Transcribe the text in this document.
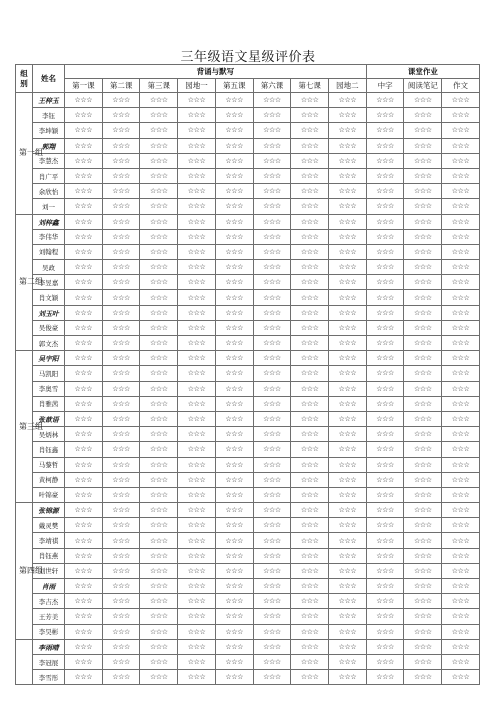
三年级语文星级评价表
组别	姓名	背诵与默写								课堂作业		
		第一课	第二课	第三课	园地一	第五课	第六课	第七课	园地二	中字	阅读笔记	作文

第一组	王梓玉	☆☆☆	☆☆☆	☆☆☆	☆☆☆	☆☆☆	☆☆☆	☆☆☆	☆☆☆	☆☆☆	☆☆☆	☆☆☆
	李钰	☆☆☆	☆☆☆	☆☆☆	☆☆☆	☆☆☆	☆☆☆	☆☆☆	☆☆☆	☆☆☆	☆☆☆	☆☆☆
	李坤颖	☆☆☆	☆☆☆	☆☆☆	☆☆☆	☆☆☆	☆☆☆	☆☆☆	☆☆☆	☆☆☆	☆☆☆	☆☆☆
	郭翔	☆☆☆	☆☆☆	☆☆☆	☆☆☆	☆☆☆	☆☆☆	☆☆☆	☆☆☆	☆☆☆	☆☆☆	☆☆☆
	李慧杰	☆☆☆	☆☆☆	☆☆☆	☆☆☆	☆☆☆	☆☆☆	☆☆☆	☆☆☆	☆☆☆	☆☆☆	☆☆☆
	肖广平	☆☆☆	☆☆☆	☆☆☆	☆☆☆	☆☆☆	☆☆☆	☆☆☆	☆☆☆	☆☆☆	☆☆☆	☆☆☆
	余欣怡	☆☆☆	☆☆☆	☆☆☆	☆☆☆	☆☆☆	☆☆☆	☆☆☆	☆☆☆	☆☆☆	☆☆☆	☆☆☆
	刘一	☆☆☆	☆☆☆	☆☆☆	☆☆☆	☆☆☆	☆☆☆	☆☆☆	☆☆☆	☆☆☆	☆☆☆	☆☆☆

第二组	刘梓鑫	☆☆☆	☆☆☆	☆☆☆	☆☆☆	☆☆☆	☆☆☆	☆☆☆	☆☆☆	☆☆☆	☆☆☆	☆☆☆
	李伟华	☆☆☆	☆☆☆	☆☆☆	☆☆☆	☆☆☆	☆☆☆	☆☆☆	☆☆☆	☆☆☆	☆☆☆	☆☆☆
	刘翰程	☆☆☆	☆☆☆	☆☆☆	☆☆☆	☆☆☆	☆☆☆	☆☆☆	☆☆☆	☆☆☆	☆☆☆	☆☆☆
	吴政	☆☆☆	☆☆☆	☆☆☆	☆☆☆	☆☆☆	☆☆☆	☆☆☆	☆☆☆	☆☆☆	☆☆☆	☆☆☆
	李昱嘉	☆☆☆	☆☆☆	☆☆☆	☆☆☆	☆☆☆	☆☆☆	☆☆☆	☆☆☆	☆☆☆	☆☆☆	☆☆☆
	肖文颖	☆☆☆	☆☆☆	☆☆☆	☆☆☆	☆☆☆	☆☆☆	☆☆☆	☆☆☆	☆☆☆	☆☆☆	☆☆☆
	刘玉叶	☆☆☆	☆☆☆	☆☆☆	☆☆☆	☆☆☆	☆☆☆	☆☆☆	☆☆☆	☆☆☆	☆☆☆	☆☆☆
	吴俊豪	☆☆☆	☆☆☆	☆☆☆	☆☆☆	☆☆☆	☆☆☆	☆☆☆	☆☆☆	☆☆☆	☆☆☆	☆☆☆
	郭文杰	☆☆☆	☆☆☆	☆☆☆	☆☆☆	☆☆☆	☆☆☆	☆☆☆	☆☆☆	☆☆☆	☆☆☆	☆☆☆

第三组	吴宇阳	☆☆☆	☆☆☆	☆☆☆	☆☆☆	☆☆☆	☆☆☆	☆☆☆	☆☆☆	☆☆☆	☆☆☆	☆☆☆
	马凯阳	☆☆☆	☆☆☆	☆☆☆	☆☆☆	☆☆☆	☆☆☆	☆☆☆	☆☆☆	☆☆☆	☆☆☆	☆☆☆
	李奥雪	☆☆☆	☆☆☆	☆☆☆	☆☆☆	☆☆☆	☆☆☆	☆☆☆	☆☆☆	☆☆☆	☆☆☆	☆☆☆
	肖雅茜	☆☆☆	☆☆☆	☆☆☆	☆☆☆	☆☆☆	☆☆☆	☆☆☆	☆☆☆	☆☆☆	☆☆☆	☆☆☆
	张歆语	☆☆☆	☆☆☆	☆☆☆	☆☆☆	☆☆☆	☆☆☆	☆☆☆	☆☆☆	☆☆☆	☆☆☆	☆☆☆
	吴炳林	☆☆☆	☆☆☆	☆☆☆	☆☆☆	☆☆☆	☆☆☆	☆☆☆	☆☆☆	☆☆☆	☆☆☆	☆☆☆
	肖钰鑫	☆☆☆	☆☆☆	☆☆☆	☆☆☆	☆☆☆	☆☆☆	☆☆☆	☆☆☆	☆☆☆	☆☆☆	☆☆☆
	马黎哲	☆☆☆	☆☆☆	☆☆☆	☆☆☆	☆☆☆	☆☆☆	☆☆☆	☆☆☆	☆☆☆	☆☆☆	☆☆☆
	黄柯静	☆☆☆	☆☆☆	☆☆☆	☆☆☆	☆☆☆	☆☆☆	☆☆☆	☆☆☆	☆☆☆	☆☆☆	☆☆☆
	叶锦豪	☆☆☆	☆☆☆	☆☆☆	☆☆☆	☆☆☆	☆☆☆	☆☆☆	☆☆☆	☆☆☆	☆☆☆	☆☆☆

第四组	张锦源	☆☆☆	☆☆☆	☆☆☆	☆☆☆	☆☆☆	☆☆☆	☆☆☆	☆☆☆	☆☆☆	☆☆☆	☆☆☆
	戴灵樊	☆☆☆	☆☆☆	☆☆☆	☆☆☆	☆☆☆	☆☆☆	☆☆☆	☆☆☆	☆☆☆	☆☆☆	☆☆☆
	李靖祺	☆☆☆	☆☆☆	☆☆☆	☆☆☆	☆☆☆	☆☆☆	☆☆☆	☆☆☆	☆☆☆	☆☆☆	☆☆☆
	肖钰燕	☆☆☆	☆☆☆	☆☆☆	☆☆☆	☆☆☆	☆☆☆	☆☆☆	☆☆☆	☆☆☆	☆☆☆	☆☆☆
	刘世轩	☆☆☆	☆☆☆	☆☆☆	☆☆☆	☆☆☆	☆☆☆	☆☆☆	☆☆☆	☆☆☆	☆☆☆	☆☆☆
	肖雨	☆☆☆	☆☆☆	☆☆☆	☆☆☆	☆☆☆	☆☆☆	☆☆☆	☆☆☆	☆☆☆	☆☆☆	☆☆☆
	李吉杰	☆☆☆	☆☆☆	☆☆☆	☆☆☆	☆☆☆	☆☆☆	☆☆☆	☆☆☆	☆☆☆	☆☆☆	☆☆☆
	王芳美	☆☆☆	☆☆☆	☆☆☆	☆☆☆	☆☆☆	☆☆☆	☆☆☆	☆☆☆	☆☆☆	☆☆☆	☆☆☆
	李昊彬	☆☆☆	☆☆☆	☆☆☆	☆☆☆	☆☆☆	☆☆☆	☆☆☆	☆☆☆	☆☆☆	☆☆☆	☆☆☆

	李雨晴	☆☆☆	☆☆☆	☆☆☆	☆☆☆	☆☆☆	☆☆☆	☆☆☆	☆☆☆	☆☆☆	☆☆☆	☆☆☆
	李冠展	☆☆☆	☆☆☆	☆☆☆	☆☆☆	☆☆☆	☆☆☆	☆☆☆	☆☆☆	☆☆☆	☆☆☆	☆☆☆
	李雪彤	☆☆☆	☆☆☆	☆☆☆	☆☆☆	☆☆☆	☆☆☆	☆☆☆	☆☆☆	☆☆☆	☆☆☆	☆☆☆
